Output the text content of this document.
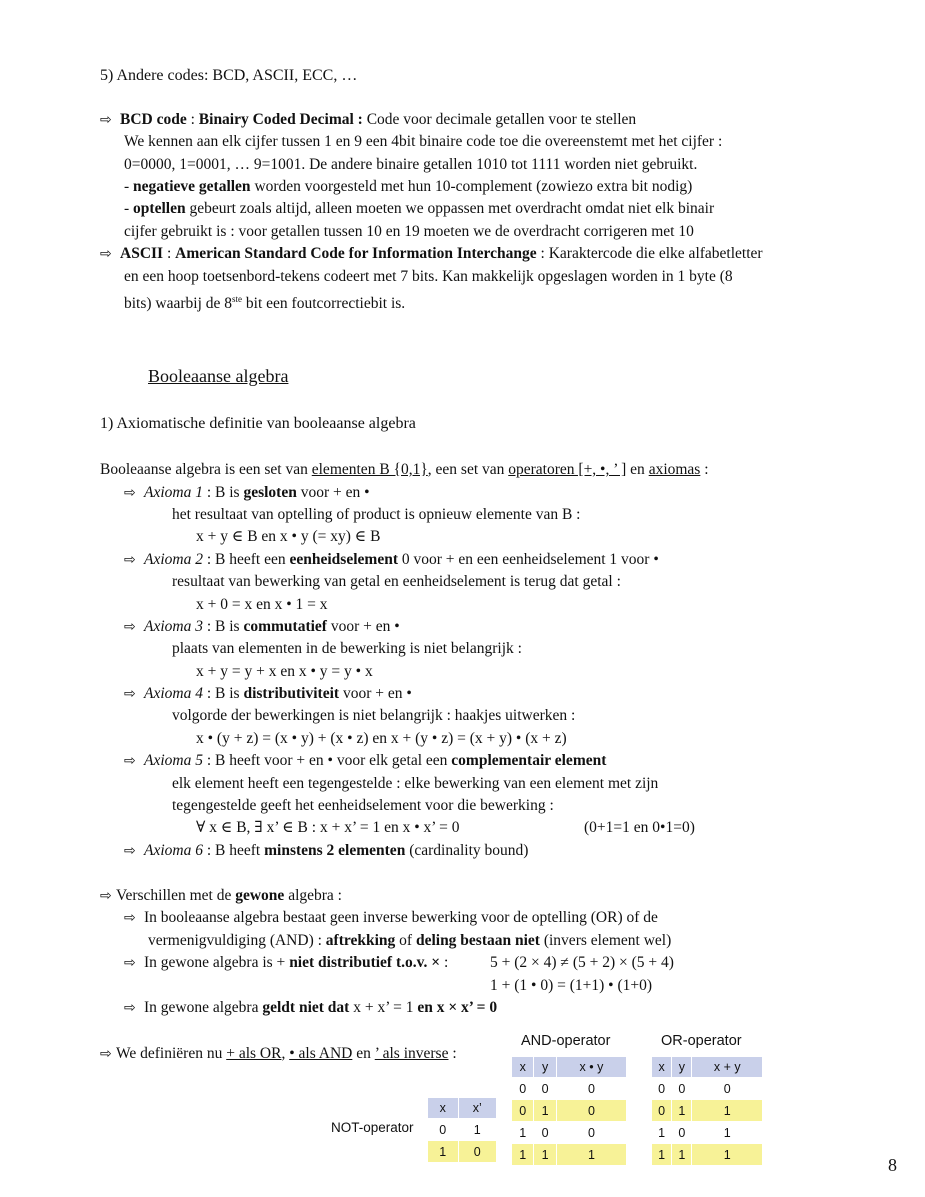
5) Andere codes: BCD, ASCII, ECC, …
⇨ BCD code : Binairy Coded Decimal : Code voor decimale getallen voor te stellen
We kennen aan elk cijfer tussen 1 en 9 een 4bit binaire code toe die overeenstemt met het cijfer :
0=0000, 1=0001, … 9=1001. De andere binaire getallen 1010 tot 1111 worden niet gebruikt.
- negatieve getallen worden voorgesteld met hun 10-complement (zowiezo extra bit nodig)
- optellen gebeurt zoals altijd, alleen moeten we oppassen met overdracht omdat niet elk binair
cijfer gebruikt is : voor getallen tussen 10 en 19 moeten we de overdracht corrigeren met 10
⇨ ASCII : American Standard Code for Information Interchange : Karaktercode die elke alfabetletter
en een hoop toetsenbord-tekens codeert met 7 bits. Kan makkelijk opgeslagen worden in 1 byte (8
bits) waarbij de 8ste bit een foutcorrectiebit is.
Booleaanse algebra
1) Axiomatische definitie van booleaanse algebra
Booleaanse algebra is een set van elementen B {0,1}, een set van operatoren [+, •, ’ ] en axiomas :
⇨ Axioma 1 : B is gesloten voor + en •
het resultaat van optelling of product is opnieuw elemente van B :
x + y ∈ B en x • y (= xy) ∈ B
⇨ Axioma 2 : B heeft een eenheidselement 0 voor + en een eenheidselement 1 voor •
resultaat van bewerking van getal en eenheidselement is terug dat getal :
x + 0 = x en x • 1 = x
⇨ Axioma 3 : B is commutatief voor + en •
plaats van elementen in de bewerking is niet belangrijk :
x + y = y + x en x • y = y • x
⇨ Axioma 4 : B is distributiviteit voor + en •
volgorde der bewerkingen is niet belangrijk : haakjes uitwerken :
x • (y + z) = (x • y) + (x • z) en x + (y • z) = (x + y) • (x + z)
⇨ Axioma 5 : B heeft voor + en • voor elk getal een complementair element
elk element heeft een tegengestelde : elke bewerking van een element met zijn
tegengestelde geeft het eenheidselement voor die bewerking :
∀ x ∈ B, ∃ x’ ∈ B : x + x’ = 1 en x • x’ = 0	(0+1=1 en 0•1=0)
⇨ Axioma 6 : B heeft minstens 2 elementen (cardinality bound)
⇨ Verschillen met de gewone algebra :
⇨ In booleaanse algebra bestaat geen inverse bewerking voor de optelling (OR) of de
vermenigvuldiging (AND) : aftrekking of deling bestaan niet (invers element wel)
⇨ In gewone algebra is + niet distributief t.o.v. × :	5 + (2 × 4) ≠ (5 + 2) × (5 + 4)
1 + (1 • 0) = (1+1) • (1+0)
⇨ In gewone algebra geldt niet dat x + x’ = 1 en x × x’ = 0
⇨ We definiëren nu + als OR, • als AND en ’ als inverse :
AND-operator
x	y	x • y
0	0	0
0	1	0
1	0	0
1	1	1
OR-operator
x	y	x + y
0	0	0
0	1	1
1	0	1
1	1	1
NOT-operator
x	x’
0	1
1	0
8
